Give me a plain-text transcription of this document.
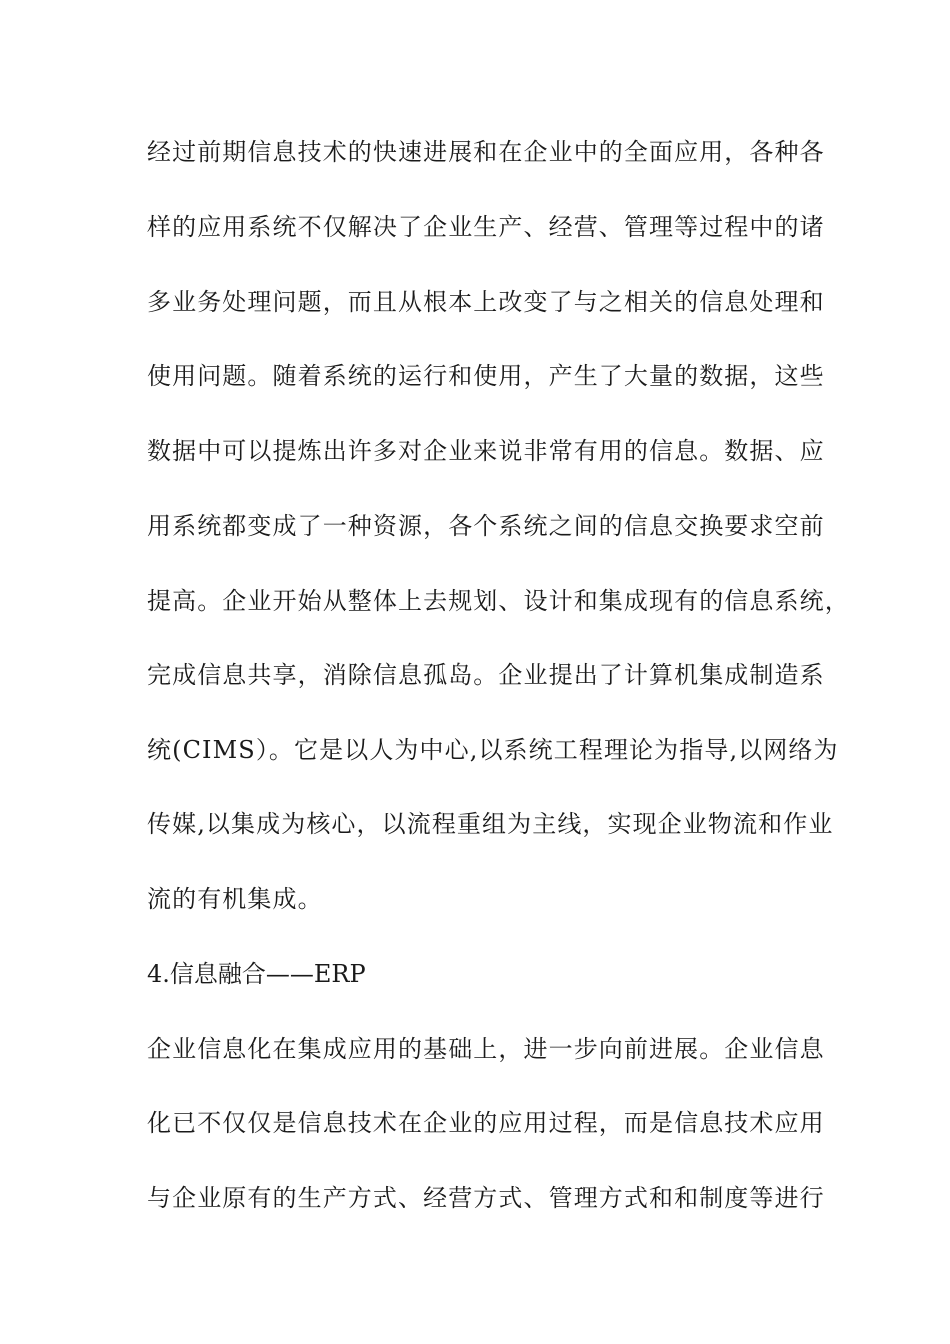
经过前期信息技术的快速进展和在企业中的全面应用，各种各
样的应用系统不仅解决了企业生产、经营、管理等过程中的诸
多业务处理问题，而且从根本上改变了与之相关的信息处理和
使用问题。随着系统的运行和使用，产生了大量的数据，这些
数据中可以提炼出许多对企业来说非常有用的信息。数据、应
用系统都变成了一种资源，各个系统之间的信息交换要求空前
提高。企业开始从整体上去规划、设计和集成现有的信息系统，
完成信息共享，消除信息孤岛。企业提出了计算机集成制造系
统(CIMS）。它是以人为中心,以系统工程理论为指导,以网络为
传媒,以集成为核心，以流程重组为主线，实现企业物流和作业
流的有机集成。
4.信息融合——ERP
企业信息化在集成应用的基础上，进一步向前进展。企业信息
化已不仅仅是信息技术在企业的应用过程，而是信息技术应用
与企业原有的生产方式、经营方式、管理方式和和制度等进行
